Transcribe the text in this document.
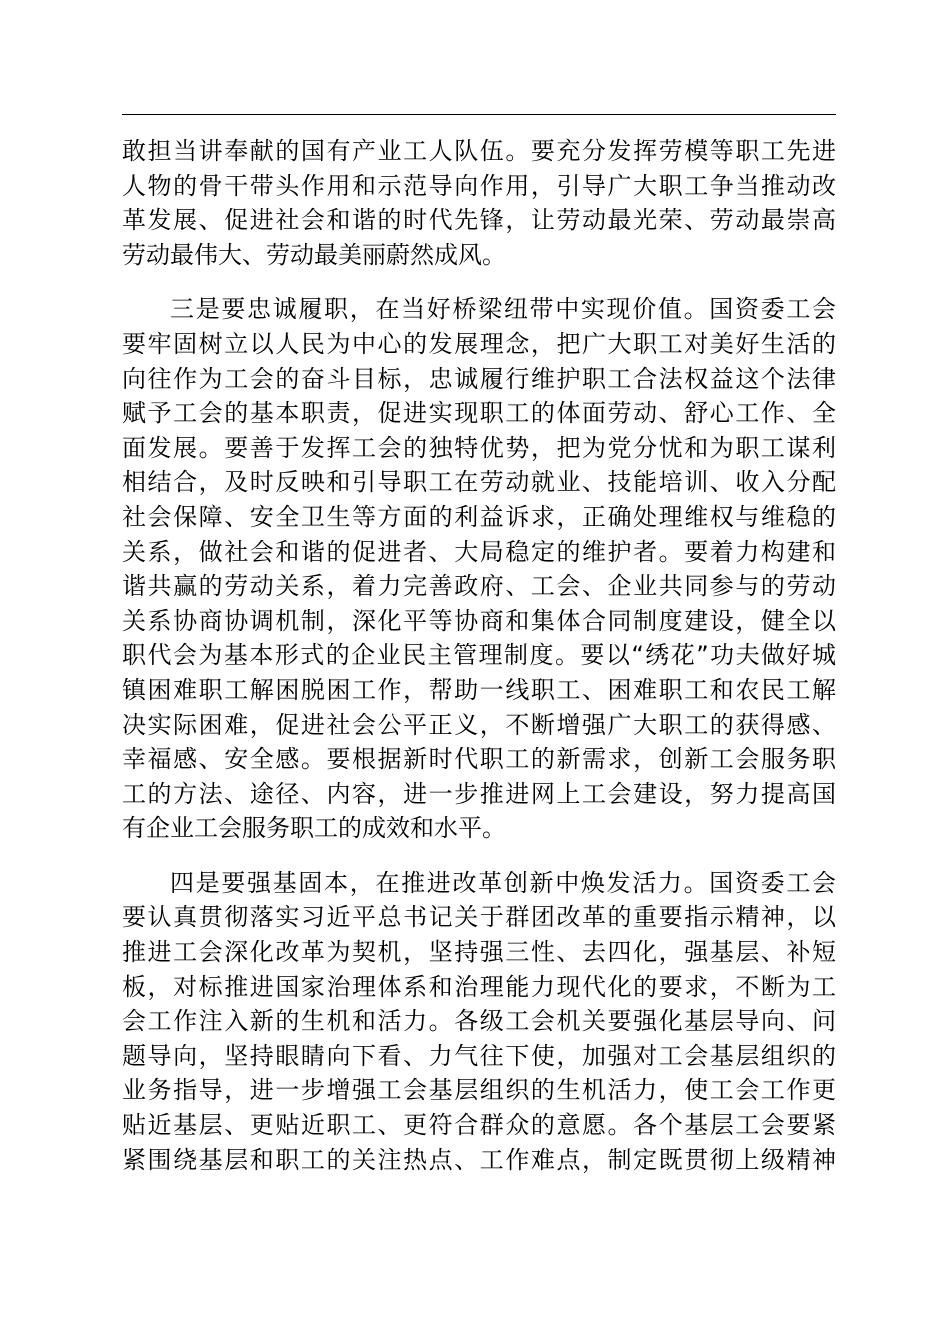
敢担当讲奉献的国有产业工人队伍。要充分发挥劳模等职工先进
人物的骨干带头作用和示范导向作用，引导广大职工争当推动改
革发展、促进社会和谐的时代先锋，让劳动最光荣、劳动最崇高
劳动最伟大、劳动最美丽蔚然成风。
三是要忠诚履职，在当好桥梁纽带中实现价值。国资委工会
要牢固树立以人民为中心的发展理念，把广大职工对美好生活的
向往作为工会的奋斗目标，忠诚履行维护职工合法权益这个法律
赋予工会的基本职责，促进实现职工的体面劳动、舒心工作、全
面发展。要善于发挥工会的独特优势，把为党分忧和为职工谋利
相结合，及时反映和引导职工在劳动就业、技能培训、收入分配
社会保障、安全卫生等方面的利益诉求，正确处理维权与维稳的
关系，做社会和谐的促进者、大局稳定的维护者。要着力构建和
谐共赢的劳动关系，着力完善政府、工会、企业共同参与的劳动
关系协商协调机制，深化平等协商和集体合同制度建设，健全以
职代会为基本形式的企业民主管理制度。要以“绣花”功夫做好城
镇困难职工解困脱困工作，帮助一线职工、困难职工和农民工解
决实际困难，促进社会公平正义，不断增强广大职工的获得感、
幸福感、安全感。要根据新时代职工的新需求，创新工会服务职
工的方法、途径、内容，进一步推进网上工会建设，努力提高国
有企业工会服务职工的成效和水平。
四是要强基固本，在推进改革创新中焕发活力。国资委工会
要认真贯彻落实习近平总书记关于群团改革的重要指示精神，以
推进工会深化改革为契机，坚持强三性、去四化，强基层、补短
板，对标推进国家治理体系和治理能力现代化的要求，不断为工
会工作注入新的生机和活力。各级工会机关要强化基层导向、问
题导向，坚持眼睛向下看、力气往下使，加强对工会基层组织的
业务指导，进一步增强工会基层组织的生机活力，使工会工作更
贴近基层、更贴近职工、更符合群众的意愿。各个基层工会要紧
紧围绕基层和职工的关注热点、工作难点，制定既贯彻上级精神
